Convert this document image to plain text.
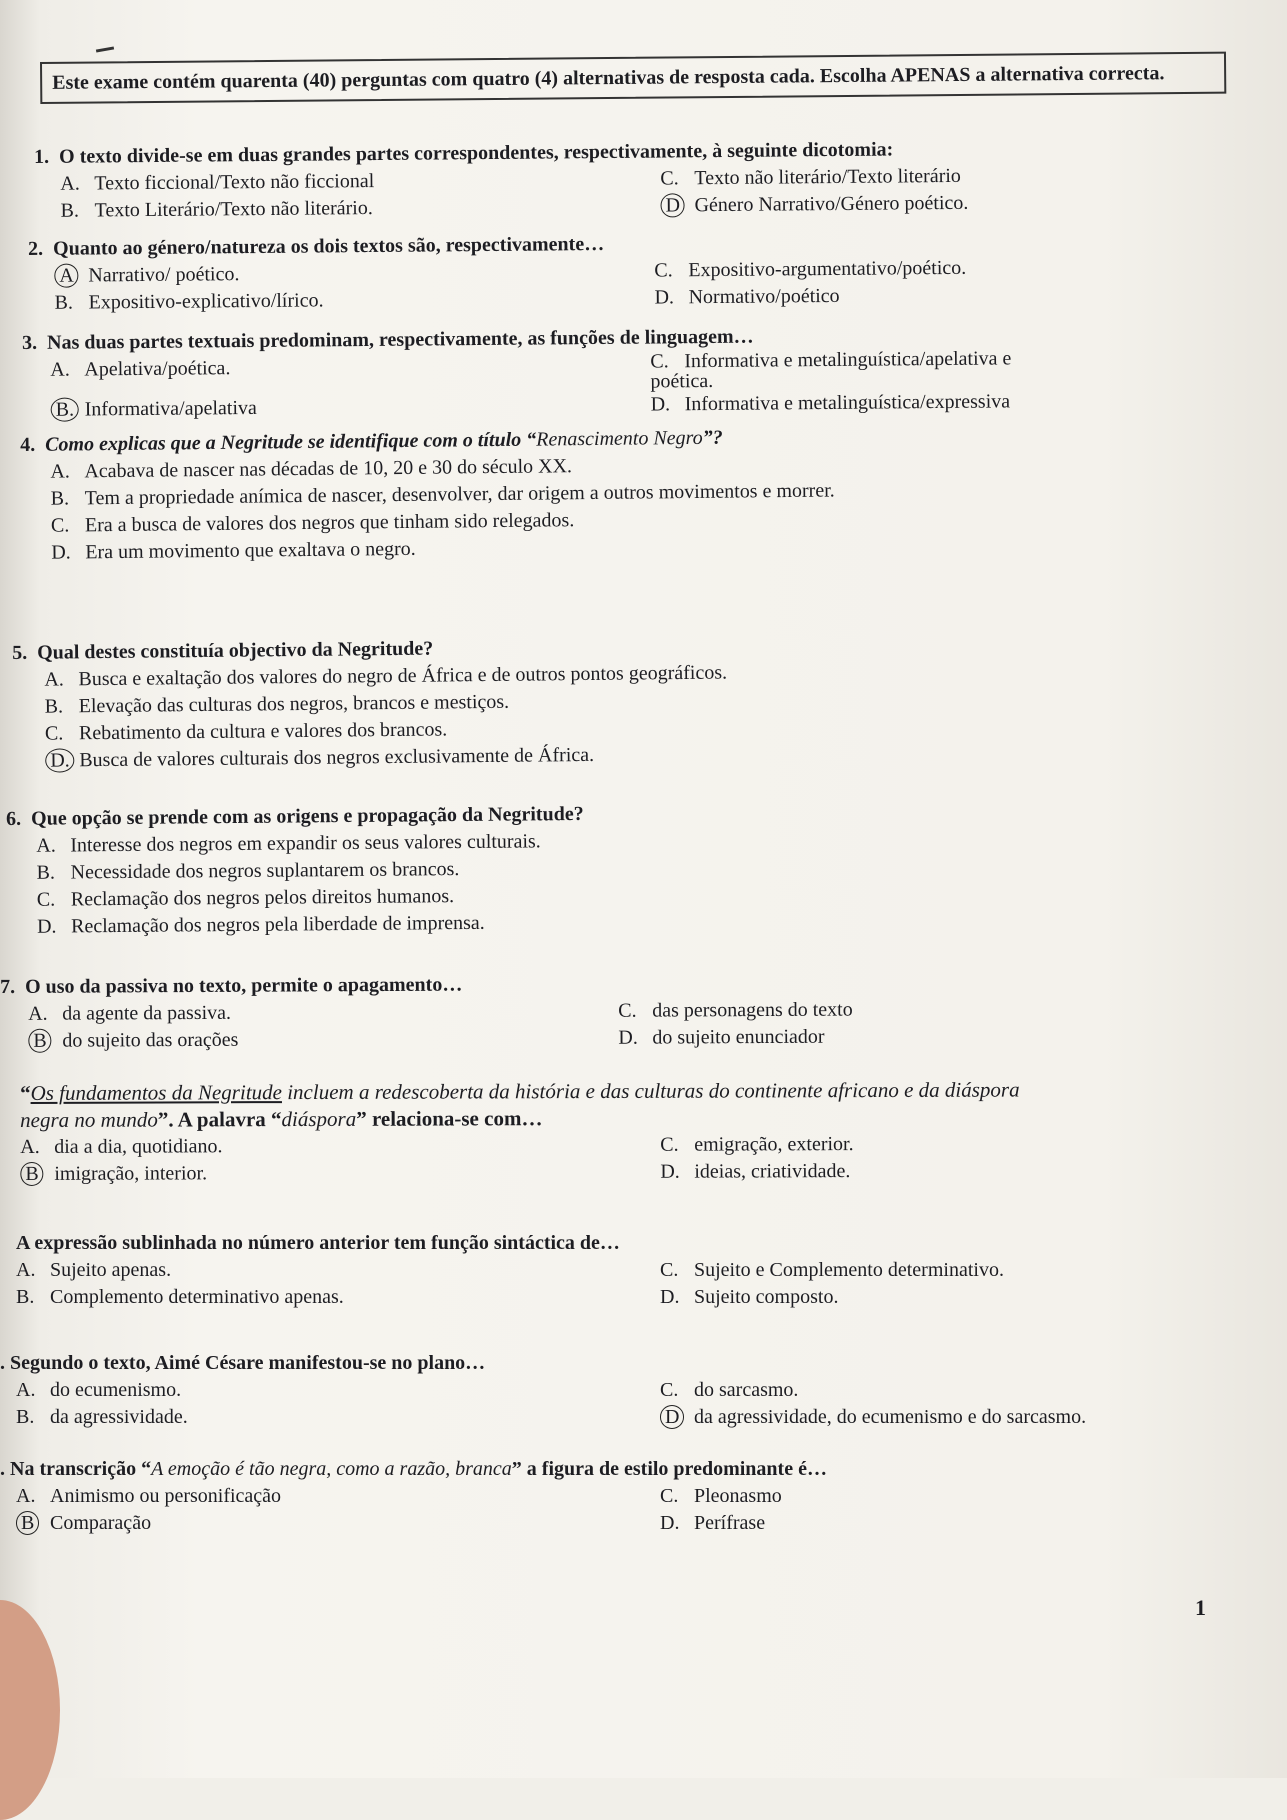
Este exame contém quarenta (40) perguntas com quatro (4) alternativas de resposta cada. Escolha APENAS a alternativa correcta.
1. O texto divide-se em duas grandes partes correspondentes, respectivamente, à seguinte dicotomia:
A. Texto ficcional/Texto não ficcional	C. Texto não literário/Texto literário
B. Texto Literário/Texto não literário.	D Género Narrativo/Género poético.
2. Quanto ao género/natureza os dois textos são, respectivamente…
A Narrativo/ poético.	C. Expositivo-argumentativo/poético.
B. Expositivo-explicativo/lírico.	D. Normativo/poético
3. Nas duas partes textuais predominam, respectivamente, as funções de linguagem…
A. Apelativa/poética.	C. Informativa e metalinguística/apelativa e poética.
B. Informativa/apelativa	D. Informativa e metalinguística/expressiva
4. Como explicas que a Negritude se identifique com o título “Renascimento Negro”?
A. Acabava de nascer nas décadas de 10, 20 e 30 do século XX.
B. Tem a propriedade anímica de nascer, desenvolver, dar origem a outros movimentos e morrer.
C. Era a busca de valores dos negros que tinham sido relegados.
D. Era um movimento que exaltava o negro.
5. Qual destes constituía objectivo da Negritude?
A. Busca e exaltação dos valores do negro de África e de outros pontos geográficos.
B. Elevação das culturas dos negros, brancos e mestiços.
C. Rebatimento da cultura e valores dos brancos.
D. Busca de valores culturais dos negros exclusivamente de África.
6. Que opção se prende com as origens e propagação da Negritude?
A. Interesse dos negros em expandir os seus valores culturais.
B. Necessidade dos negros suplantarem os brancos.
C. Reclamação dos negros pelos direitos humanos.
D. Reclamação dos negros pela liberdade de imprensa.
7. O uso da passiva no texto, permite o apagamento…
A. da agente da passiva.	C. das personagens do texto
B do sujeito das orações	D. do sujeito enunciador
“Os fundamentos da Negritude incluem a redescoberta da história e das culturas do continente africano e da diáspora
negra no mundo”. A palavra “diáspora” relaciona-se com…
A. dia a dia, quotidiano.	C. emigração, exterior.
B imigração, interior.	D. ideias, criatividade.
A expressão sublinhada no número anterior tem função sintáctica de…
A. Sujeito apenas.	C. Sujeito e Complemento determinativo.
B. Complemento determinativo apenas.	D. Sujeito composto.
. Segundo o texto, Aimé Césare manifestou-se no plano…
A. do ecumenismo.	C. do sarcasmo.
B. da agressividade.	D da agressividade, do ecumenismo e do sarcasmo.
. Na transcrição “A emoção é tão negra, como a razão, branca” a figura de estilo predominante é…
A. Animismo ou personificação	C. Pleonasmo
B Comparação	D. Perífrase
1
